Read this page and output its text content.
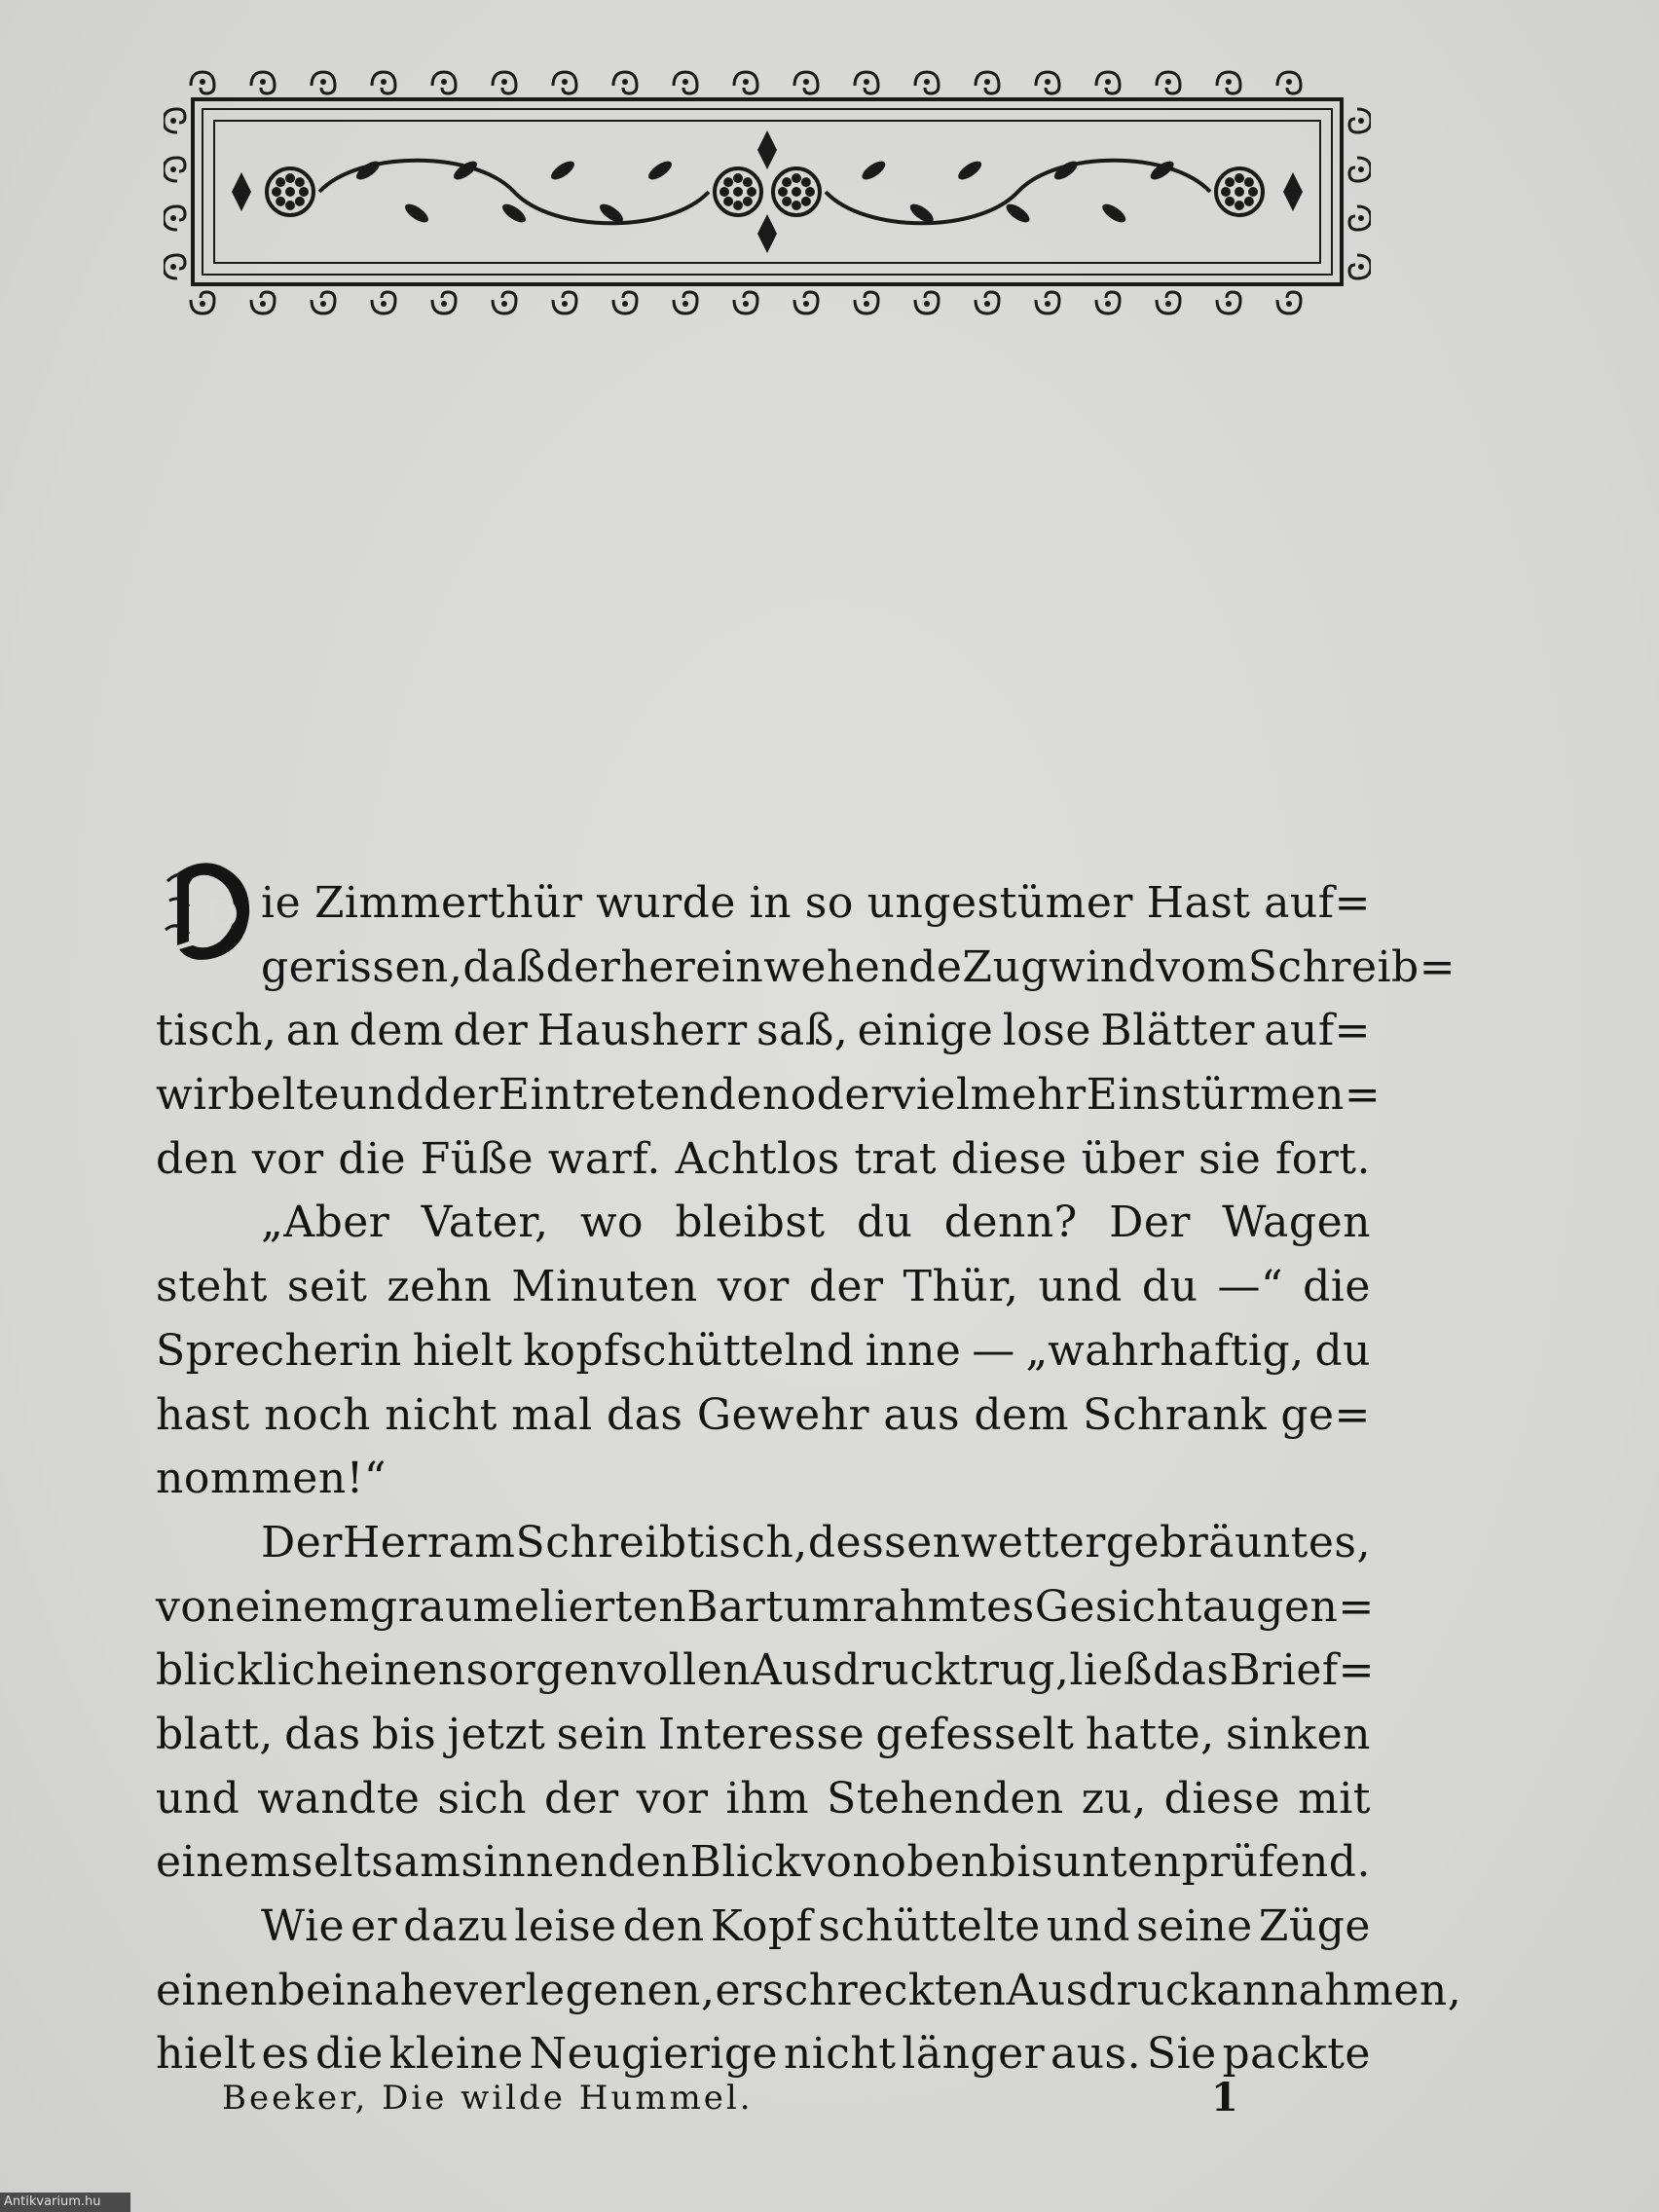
D ie Zimmerthür wurde in so ungestümer Hast auf=
gerissen, daß der hereinwehende Zugwind vom Schreib=
tisch, an dem der Hausherr saß, einige lose Blätter auf=
wirbelte und der Eintretenden oder vielmehr Einstürmen=
den vor die Füße warf. Achtlos trat diese über sie fort.
„Aber Vater, wo bleibst du denn? Der Wagen
steht seit zehn Minuten vor der Thür, und du —“ die
Sprecherin hielt kopfschüttelnd inne — „wahrhaftig, du
hast noch nicht mal das Gewehr aus dem Schrank ge=
nommen!“
Der Herr am Schreibtisch, dessen wettergebräuntes,
von einem graumelierten Bart umrahmtes Gesicht augen=
blicklich einen sorgenvollen Ausdruck trug, ließ das Brief=
blatt, das bis jetzt sein Interesse gefesselt hatte, sinken
und wandte sich der vor ihm Stehenden zu, diese mit
einem seltsam sinnenden Blick von oben bis unten prüfend.
Wie er dazu leise den Kopf schüttelte und seine Züge
einen beinahe verlegenen, erschreckten Ausdruck annahmen,
hielt es die kleine Neugierige nicht länger aus. Sie packte
Beeker, Die wilde Hummel.	1
Antikvarium.hu
